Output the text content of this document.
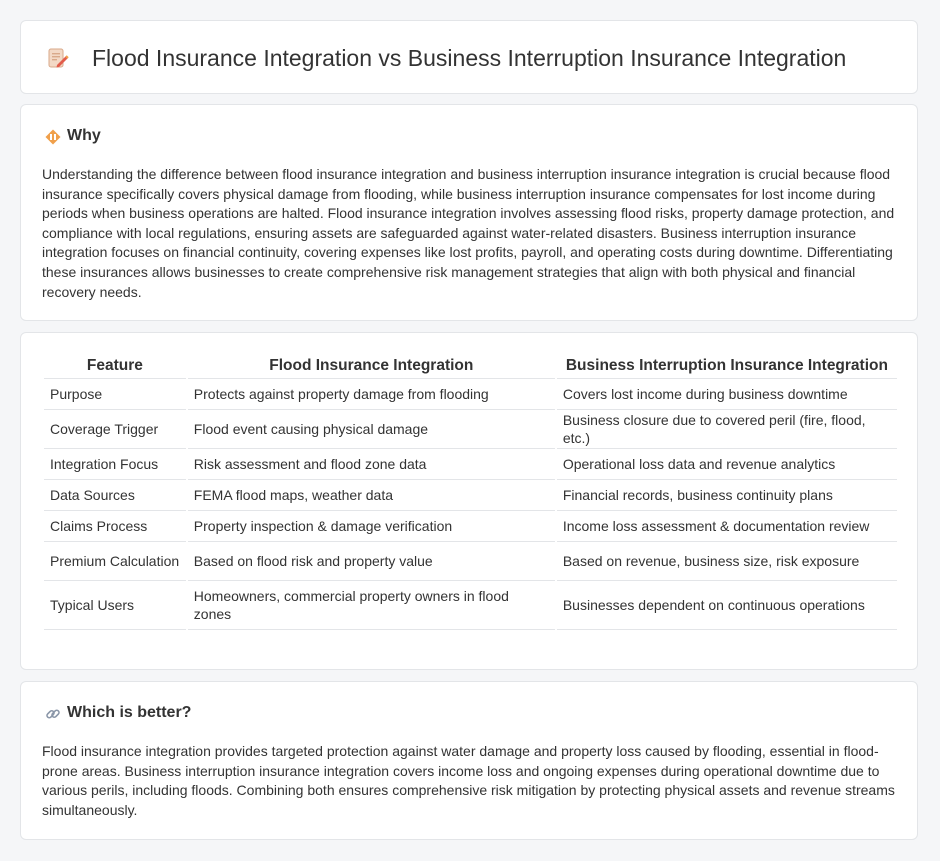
Flood Insurance Integration vs Business Interruption Insurance Integration
Why

Understanding the difference between flood insurance integration and business interruption insurance integration is crucial because flood insurance specifically covers physical damage from flooding, while business interruption insurance compensates for lost income during periods when business operations are halted. Flood insurance integration involves assessing flood risks, property damage protection, and compliance with local regulations, ensuring assets are safeguarded against water-related disasters. Business interruption insurance integration focuses on financial continuity, covering expenses like lost profits, payroll, and operating costs during downtime. Differentiating these insurances allows businesses to create comprehensive risk management strategies that align with both physical and financial recovery needs.

Feature	Flood Insurance Integration	Business Interruption Insurance Integration
Purpose	Protects against property damage from flooding	Covers lost income during business downtime
Coverage Trigger	Flood event causing physical damage	Business closure due to covered peril (fire, flood, etc.)
Integration Focus	Risk assessment and flood zone data	Operational loss data and revenue analytics
Data Sources	FEMA flood maps, weather data	Financial records, business continuity plans
Claims Process	Property inspection & damage verification	Income loss assessment & documentation review
Premium Calculation	Based on flood risk and property value	Based on revenue, business size, risk exposure
Typical Users	Homeowners, commercial property owners in flood zones	Businesses dependent on continuous operations
Which is better?

Flood insurance integration provides targeted protection against water damage and property loss caused by flooding, essential in flood-prone areas. Business interruption insurance integration covers income loss and ongoing expenses during operational downtime due to various perils, including floods. Combining both ensures comprehensive risk mitigation by protecting physical assets and revenue streams simultaneously.
